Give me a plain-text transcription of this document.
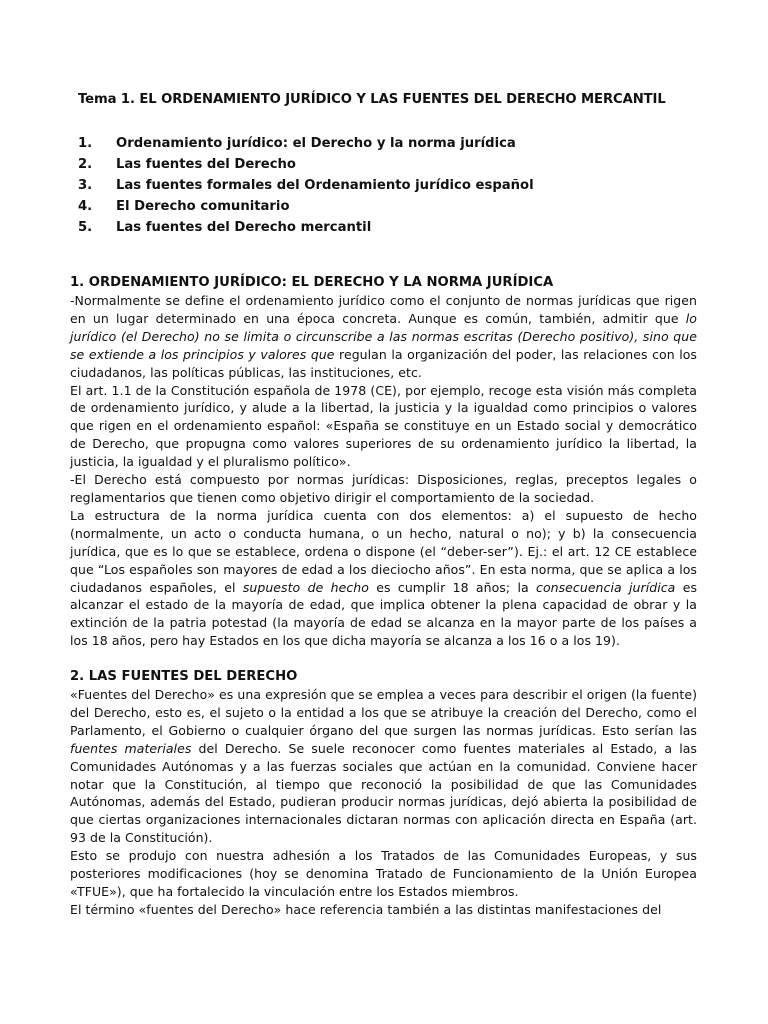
Tema 1. EL ORDENAMIENTO JURÍDICO Y LAS FUENTES DEL DERECHO MERCANTIL
1. Ordenamiento jurídico: el Derecho y la norma jurídica
2. Las fuentes del Derecho
3. Las fuentes formales del Ordenamiento jurídico español
4. El Derecho comunitario
5. Las fuentes del Derecho mercantil
1. ORDENAMIENTO JURÍDICO: EL DERECHO Y LA NORMA JURÍDICA

-Normalmente se define el ordenamiento jurídico como el conjunto de normas jurídicas que rigen en un lugar determinado en una época concreta. Aunque es común, también, admitir que lo jurídico (el Derecho) no se limita o circunscribe a las normas escritas (Derecho positivo), sino que se extiende a los principios y valores que regulan la organización del poder, las relaciones con los ciudadanos, las políticas públicas, las instituciones, etc.

El art. 1.1 de la Constitución española de 1978 (CE), por ejemplo, recoge esta visión más completa de ordenamiento jurídico, y alude a la libertad, la justicia y la igualdad como principios o valores que rigen en el ordenamiento español: «España se constituye en un Estado social y democrático de Derecho, que propugna como valores superiores de su ordenamiento jurídico la libertad, la justicia, la igualdad y el pluralismo político».

-El Derecho está compuesto por normas jurídicas: Disposiciones, reglas, preceptos legales o reglamentarios que tienen como objetivo dirigir el comportamiento de la sociedad.

La estructura de la norma jurídica cuenta con dos elementos: a) el supuesto de hecho (normalmente, un acto o conducta humana, o un hecho, natural o no); y b) la consecuencia jurídica, que es lo que se establece, ordena o dispone (el “deber-ser”). Ej.: el art. 12 CE establece que “Los españoles son mayores de edad a los dieciocho años”. En esta norma, que se aplica a los ciudadanos españoles, el supuesto de hecho es cumplir 18 años; la consecuencia jurídica es alcanzar el estado de la mayoría de edad, que implica obtener la plena capacidad de obrar y la extinción de la patria potestad (la mayoría de edad se alcanza en la mayor parte de los países a los 18 años, pero hay Estados en los que dicha mayoría se alcanza a los 16 o a los 19).

2. LAS FUENTES DEL DERECHO

«Fuentes del Derecho» es una expresión que se emplea a veces para describir el origen (la fuente) del Derecho, esto es, el sujeto o la entidad a los que se atribuye la creación del Derecho, como el Parlamento, el Gobierno o cualquier órgano del que surgen las normas jurídicas. Esto serían las fuentes materiales del Derecho. Se suele reconocer como fuentes materiales al Estado, a las Comunidades Autónomas y a las fuerzas sociales que actúan en la comunidad. Conviene hacer notar que la Constitución, al tiempo que reconoció la posibilidad de que las Comunidades Autónomas, además del Estado, pudieran producir normas jurídicas, dejó abierta la posibilidad de que ciertas organizaciones internacionales dictaran normas con aplicación directa en España (art. 93 de la Constitución).

Esto se produjo con nuestra adhesión a los Tratados de las Comunidades Europeas, y sus posteriores modificaciones (hoy se denomina Tratado de Funcionamiento de la Unión Europea «TFUE»), que ha fortalecido la vinculación entre los Estados miembros.

El término «fuentes del Derecho» hace referencia también a las distintas manifestaciones del
